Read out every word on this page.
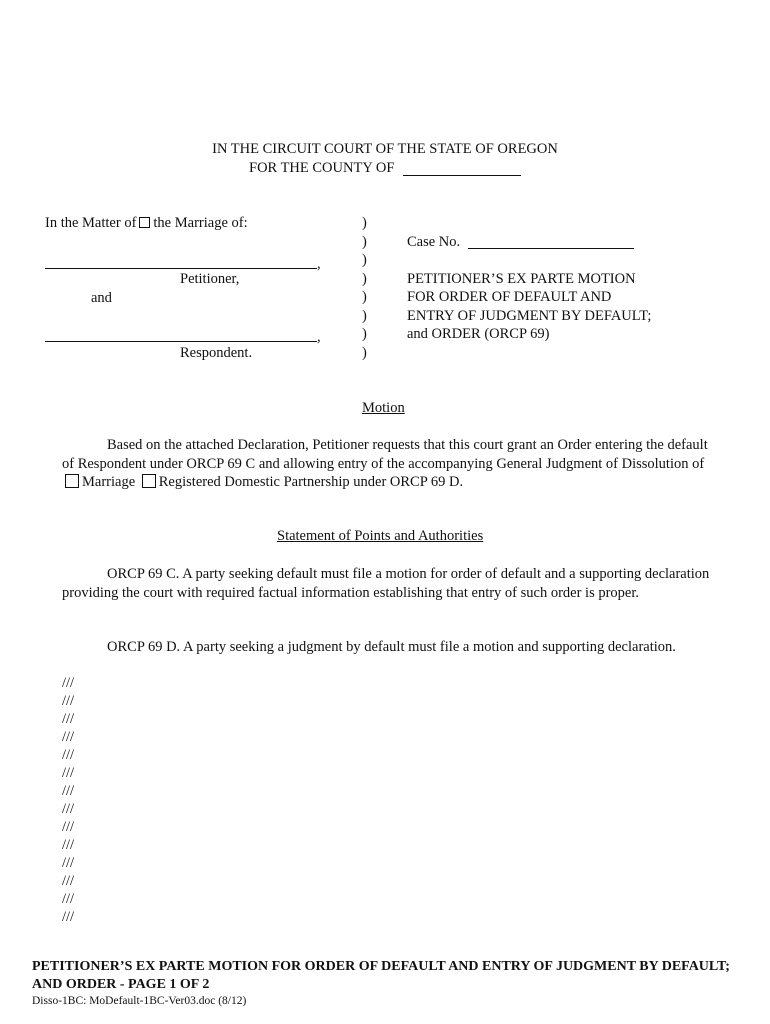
IN THE CIRCUIT COURT OF THE STATE OF OREGON
FOR THE COUNTY OF
In the Matter of the Marriage of:
,
Petitioner,
and
,
Respondent.
)
)
)
)
)
)
)
)
Case No.
PETITIONER’S EX PARTE MOTION
FOR ORDER OF DEFAULT AND
ENTRY OF JUDGMENT BY DEFAULT;
and ORDER (ORCP 69)
Motion
Based on the attached Declaration, Petitioner requests that this court grant an Order entering the default of Respondent under ORCP 69 C and allowing entry of the accompanying General Judgment of Dissolution of Marriage Registered Domestic Partnership under ORCP 69 D.
Statement of Points and Authorities
ORCP 69 C. A party seeking default must file a motion for order of default and a supporting declaration providing the court with required factual information establishing that entry of such order is proper.
ORCP 69 D. A party seeking a judgment by default must file a motion and supporting declaration.
///
///
///
///
///
///
///
///
///
///
///
///
///
///
PETITIONER’S EX PARTE MOTION FOR ORDER OF DEFAULT AND ENTRY OF JUDGMENT BY DEFAULT; AND ORDER - PAGE 1 OF 2
Disso-1BC: MoDefault-1BC-Ver03.doc (8/12)
